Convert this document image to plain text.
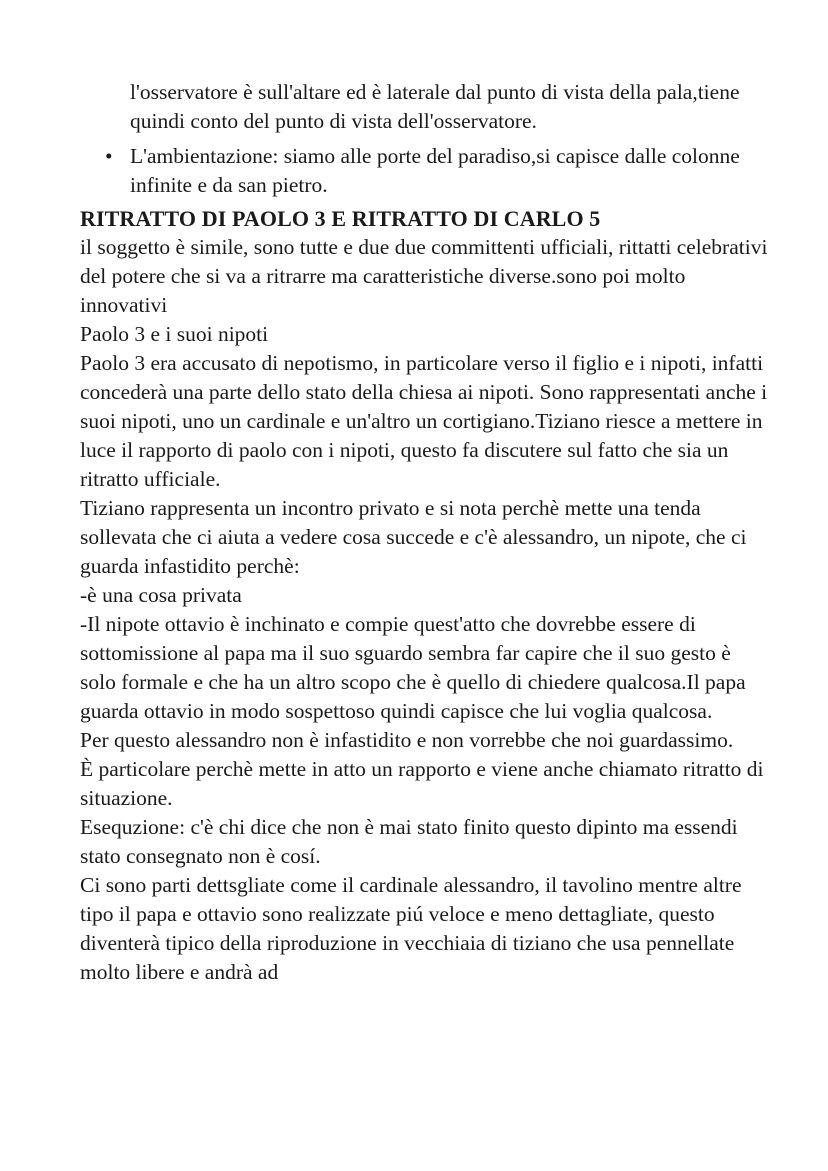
l'osservatore è sull'altare ed è laterale dal punto di vista della pala,tiene quindi conto del punto di vista dell'osservatore.
• L'ambientazione: siamo alle porte del paradiso,si capisce dalle colonne infinite e da san pietro.
RITRATTO DI PAOLO 3 E RITRATTO DI CARLO 5

il soggetto è simile, sono tutte e due due committenti ufficiali, rittatti celebrativi del potere che si va a ritrarre ma caratteristiche diverse.sono poi molto innovativi

Paolo 3 e i suoi nipoti

Paolo 3 era accusato di nepotismo, in particolare verso il figlio e i nipoti, infatti concederà una parte dello stato della chiesa ai nipoti. Sono rappresentati anche i suoi nipoti, uno un cardinale e un'altro un cortigiano.Tiziano riesce a mettere in luce il rapporto di paolo con i nipoti, questo fa discutere sul fatto che sia un ritratto ufficiale.

Tiziano rappresenta un incontro privato e si nota perchè mette una tenda sollevata che ci aiuta a vedere cosa succede e c'è alessandro, un nipote, che ci guarda infastidito perchè:

-è una cosa privata

-Il nipote ottavio è inchinato e compie quest'atto che dovrebbe essere di sottomissione al papa ma il suo sguardo sembra far capire che il suo gesto è solo formale e che ha un altro scopo che è quello di chiedere qualcosa.Il papa guarda ottavio in modo sospettoso quindi capisce che lui voglia qualcosa.

Per questo alessandro non è infastidito e non vorrebbe che noi guardassimo.

È particolare perchè mette in atto un rapporto e viene anche chiamato ritratto di situazione.

Esequzione: c'è chi dice che non è mai stato finito questo dipinto ma essendi stato consegnato non è cosí.

Ci sono parti dettsgliate come il cardinale alessandro, il tavolino mentre altre tipo il papa e ottavio sono realizzate piú veloce e meno dettagliate, questo diventerà tipico della riproduzione in vecchiaia di tiziano che usa pennellate molto libere e andrà ad
